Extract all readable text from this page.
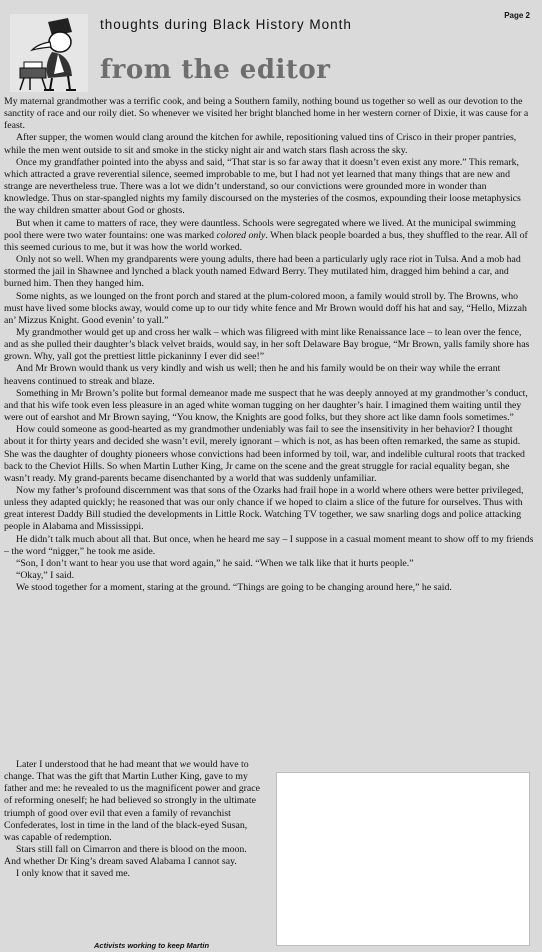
Page 2
thoughts during Black History Month
from the editor

My maternal grandmother was a terrific cook, and being a Southern family, nothing bound us together so well as our devotion to the sanctity of race and our roily diet. So whenever we visited her bright blanched home in her western corner of Dixie, it was cause for a feast.

After supper, the women would clang around the kitchen for awhile, repositioning valued tins of Crisco in their proper pantries, while the men went outside to sit and smoke in the sticky night air and watch stars flash across the sky.

Once my grandfather pointed into the abyss and said, “That star is so far away that it doesn’t even exist any more.” This remark, which attracted a grave reverential silence, seemed improbable to me, but I had not yet learned that many things that are new and strange are nevertheless true. There was a lot we didn’t understand, so our convictions were grounded more in wonder than knowledge. Thus on star-spangled nights my family discoursed on the mysteries of the cosmos, expounding their loose metaphysics the way children smatter about God or ghosts.

But when it came to matters of race, they were dauntless. Schools were segregated where we lived. At the municipal swimming pool there were two water fountains: one was marked colored only. When black people boarded a bus, they shuffled to the rear. All of this seemed curious to me, but it was how the world worked.

Only not so well. When my grandparents were young adults, there had been a particularly ugly race riot in Tulsa. And a mob had stormed the jail in Shawnee and lynched a black youth named Edward Berry. They mutilated him, dragged him behind a car, and burned him. Then they hanged him.

Some nights, as we lounged on the front porch and stared at the plum-colored moon, a family would stroll by. The Browns, who must have lived some blocks away, would come up to our tidy white fence and Mr Brown would doff his hat and say, “Hello, Mizzah an’ Mizzus Knight. Good evenin’ to yall.”

My grandmother would get up and cross her walk – which was filigreed with mint like Renaissance lace – to lean over the fence, and as she pulled their daughter’s black velvet braids, would say, in her soft Delaware Bay brogue, “Mr Brown, yalls family shore has grown. Why, yall got the prettiest little pickaninny I ever did see!”

And Mr Brown would thank us very kindly and wish us well; then he and his family would be on their way while the errant heavens continued to streak and blaze.

Something in Mr Brown’s polite but formal demeanor made me suspect that he was deeply annoyed at my grandmother’s conduct, and that his wife took even less pleasure in an aged white woman tugging on her daughter’s hair. I imagined them waiting until they were out of earshot and Mr Brown saying, “You know, the Knights are good folks, but they shore act like damn fools sometimes.”

How could someone as good-hearted as my grandmother undeniably was fail to see the insensitivity in her behavior? I thought about it for thirty years and decided she wasn’t evil, merely ignorant – which is not, as has been often remarked, the same as stupid. She was the daughter of doughty pioneers whose convictions had been informed by toil, war, and indelible cultural roots that tracked back to the Cheviot Hills. So when Martin Luther King, Jr came on the scene and the great struggle for racial equality began, she wasn’t ready. My grand-parents became disenchanted by a world that was suddenly unfamiliar.

Now my father’s profound discernment was that sons of the Ozarks had frail hope in a world where others were better privileged, unless they adapted quickly; he reasoned that was our only chance if we hoped to claim a slice of the future for ourselves. Thus with great interest Daddy Bill studied the developments in Little Rock. Watching TV together, we saw snarling dogs and police attacking people in Alabama and Mississippi.

He didn’t talk much about all that. But once, when he heard me say – I suppose in a casual moment meant to show off to my friends – the word “nigger,” he took me aside.

“Son, I don’t want to hear you use that word again,” he said. “When we talk like that it hurts people.”

“Okay,” I said.

We stood together for a moment, staring at the ground. “Things are going to be changing around here,” he said.

Later I understood that he had meant that we would have to change. That was the gift that Martin Luther King, gave to my father and me: he revealed to us the magnificent power and grace of reforming oneself; he had believed so strongly in the ultimate triumph of good over evil that even a family of revanchist Confederates, lost in time in the land of the black-eyed Susan, was capable of redemption.

Stars still fall on Cimarron and there is blood on the moon. And whether Dr King’s dream saved Alabama I cannot say.

I only know that it saved me.

Activists working to keep Martin
